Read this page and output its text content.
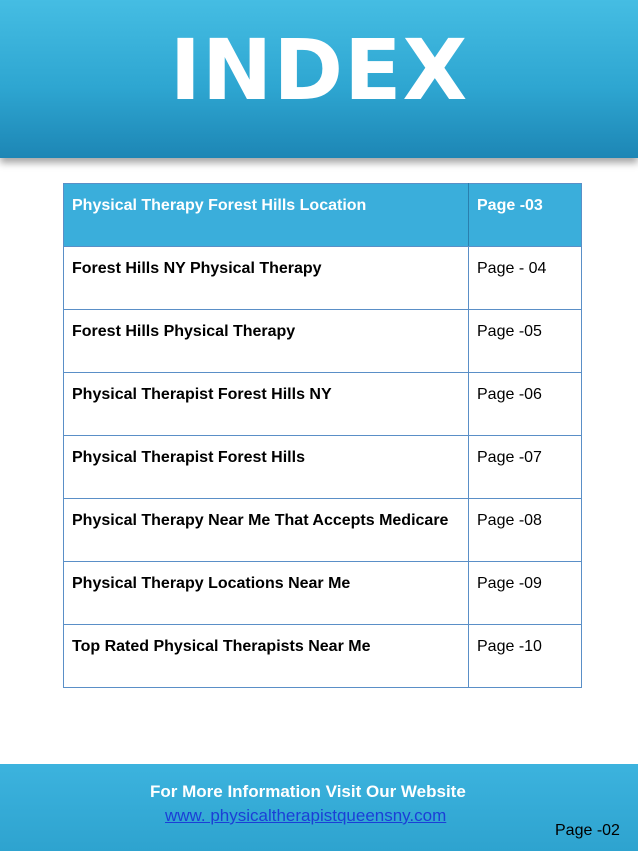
INDEX
Physical Therapy Forest Hills Location	Page -03
Forest Hills NY Physical Therapy	Page - 04
Forest Hills Physical Therapy	Page -05
Physical Therapist Forest Hills NY	Page -06
Physical Therapist Forest Hills	Page -07
Physical Therapy Near Me That Accepts Medicare	Page -08
Physical Therapy Locations Near Me	Page -09
Top Rated Physical Therapists Near Me	Page -10
For More Information Visit Our Website
www. physicaltherapistqueensny.com
Page -02
